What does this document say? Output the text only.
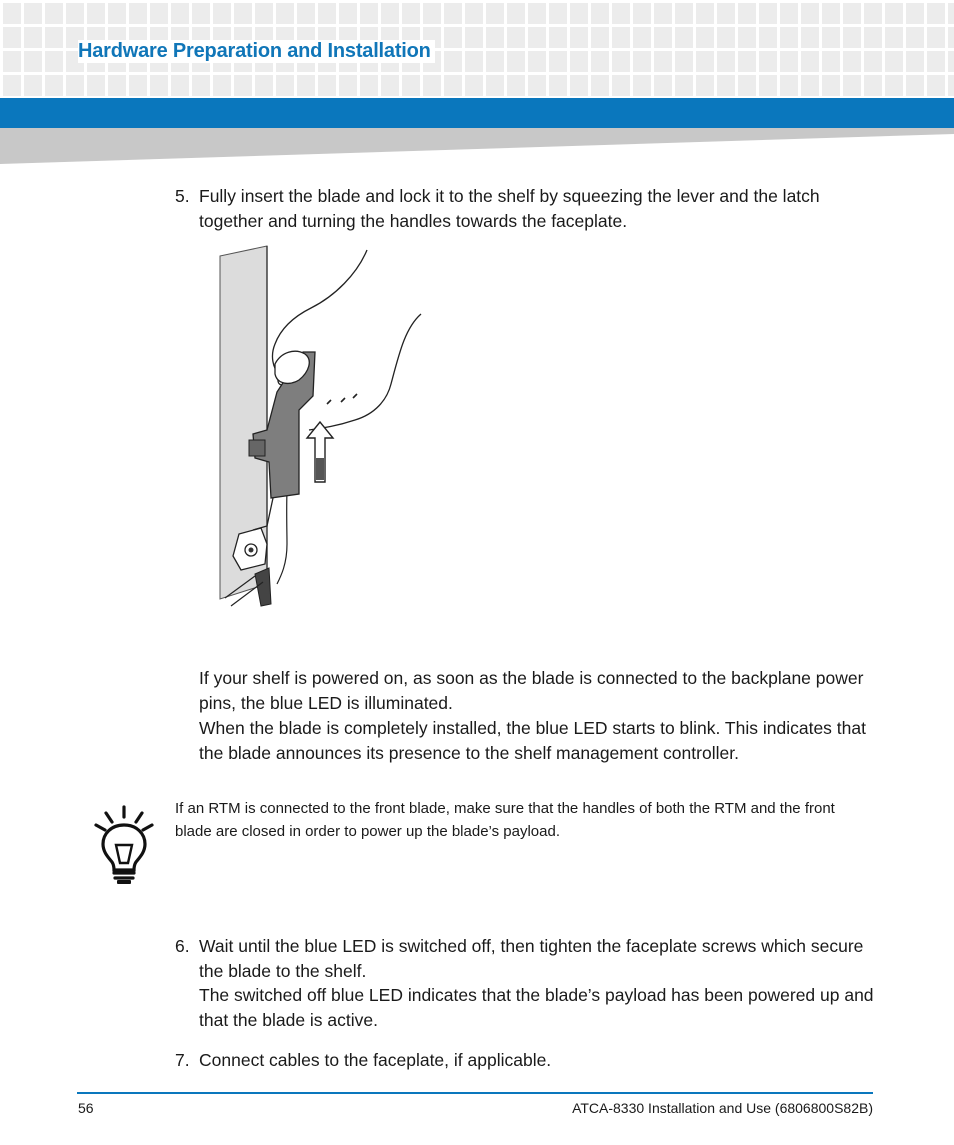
Hardware Preparation and Installation
5. Fully insert the blade and lock it to the shelf by squeezing the lever and the latch together and turning the handles towards the faceplate.

If your shelf is powered on, as soon as the blade is connected to the backplane power pins, the blue LED is illuminated.

When the blade is completely installed, the blue LED starts to blink. This indicates that the blade announces its presence to the shelf management controller.

If an RTM is connected to the front blade, make sure that the handles of both the RTM and the front blade are closed in order to power up the blade’s payload.

6. Wait until the blue LED is switched off, then tighten the faceplate screws which secure the blade to the shelf.
The switched off blue LED indicates that the blade’s payload has been powered up and that the blade is active.
7. Connect cables to the faceplate, if applicable.
56	ATCA-8330 Installation and Use (6806800S82B)
